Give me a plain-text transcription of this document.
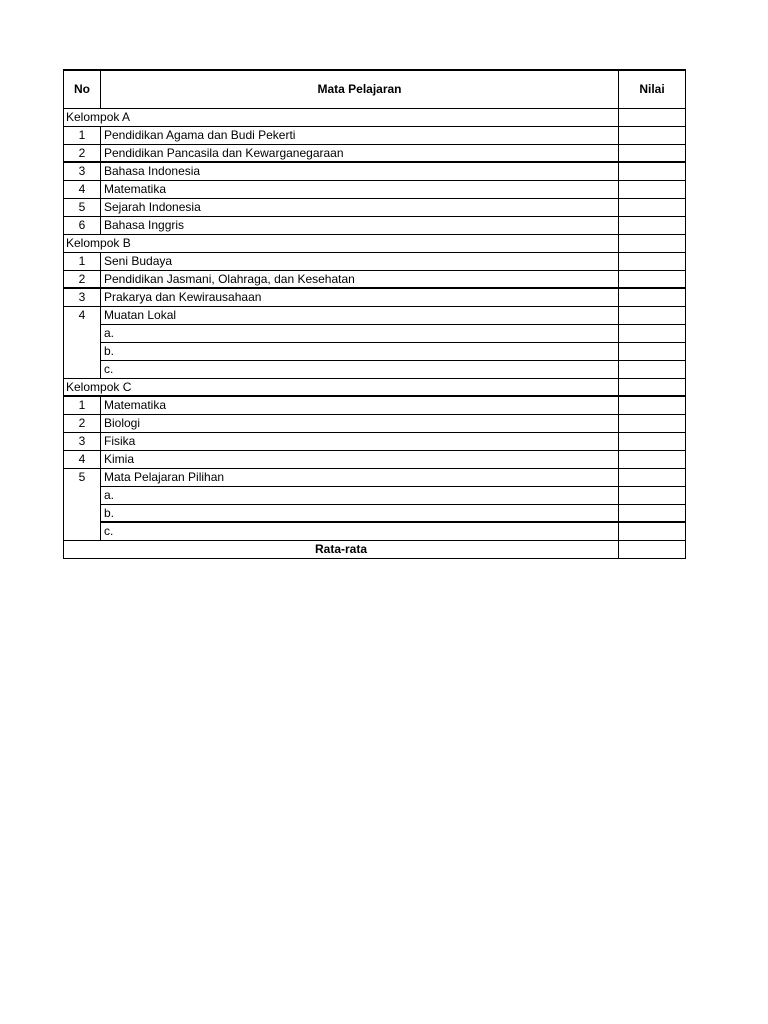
No	Mata Pelajaran	Nilai
Kelompok A		
1	Pendidikan Agama dan Budi Pekerti	
2	Pendidikan Pancasila dan Kewarganegaraan	
3	Bahasa Indonesia	
4	Matematika	
5	Sejarah Indonesia	
6	Bahasa Inggris	
Kelompok B		
1	Seni Budaya	
2	Pendidikan Jasmani, Olahraga, dan Kesehatan	
3	Prakarya dan Kewirausahaan	
4	Muatan Lokal	
	a.	
	b.	
	c.	
Kelompok C		
1	Matematika	
2	Biologi	
3	Fisika	
4	Kimia	
5	Mata Pelajaran Pilihan	
	a.	
	b.	
	c.	
Rata-rata		
